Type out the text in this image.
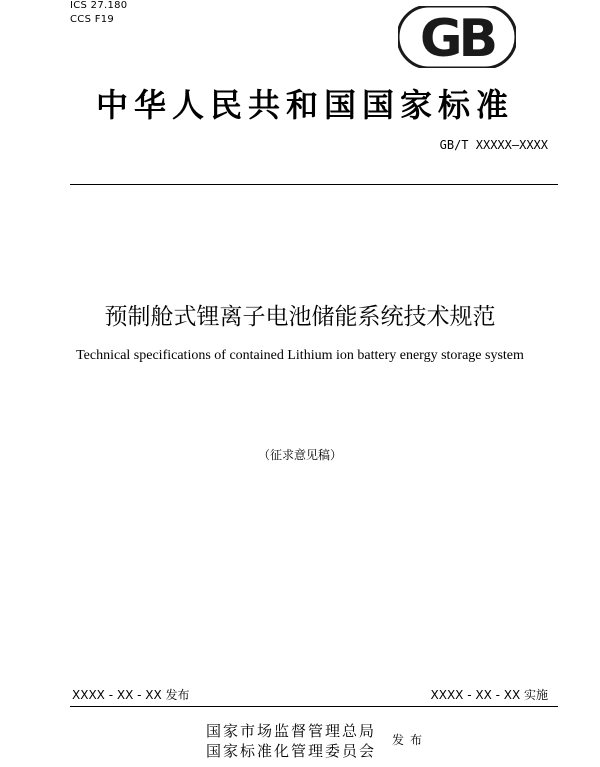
ICS 27.180
CCS F19	GB
中华人民共和国国家标准
GB/T XXXXX—XXXX
预制舱式锂离子电池储能系统技术规范
Technical specifications of contained Lithium ion battery energy storage system
（征求意见稿）
XXXX - XX - XX 发布	XXXX - XX - XX 实施
国家市场监督管理总局
国家标准化管理委员会
发布
